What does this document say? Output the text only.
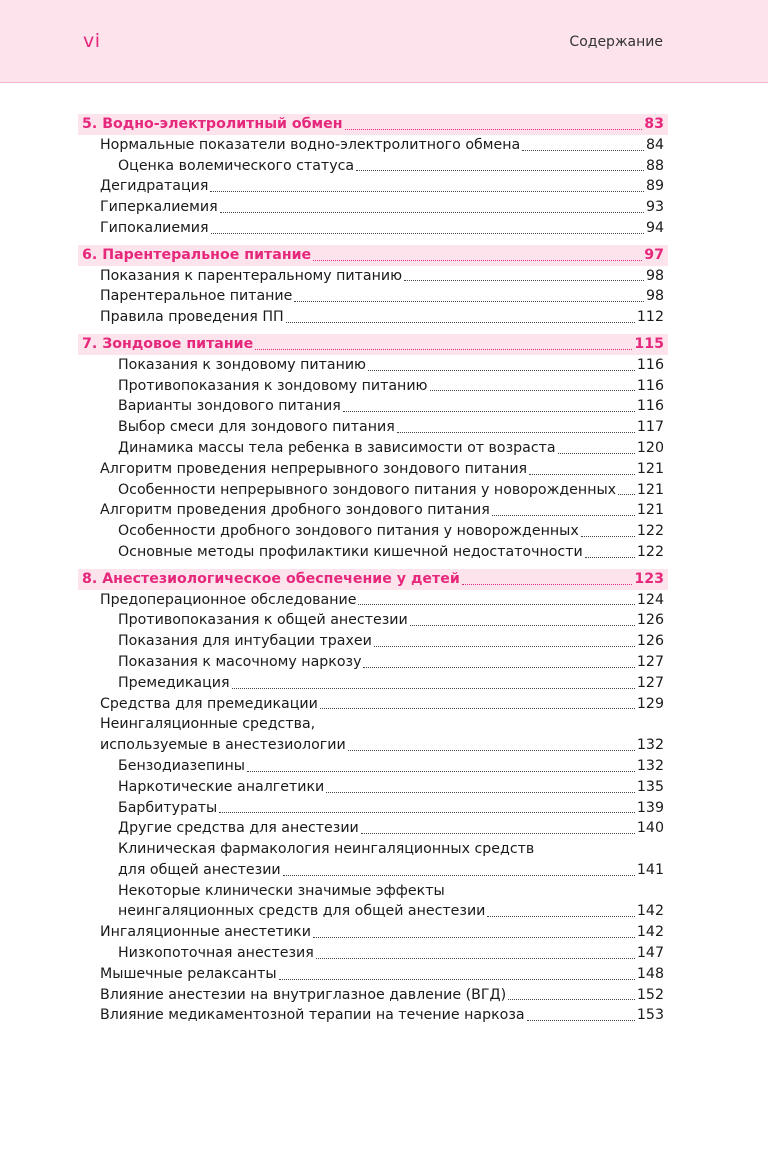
vi	Содержание
5. Водно-электролитный обмен	83
Нормальные показатели водно-электролитного обмена	84
Оценка волемического статуса	88
Дегидратация	89
Гиперкалиемия	93
Гипокалиемия	94
6. Парентеральное питание	97
Показания к парентеральному питанию	98
Парентеральное питание	98
Правила проведения ПП	112
7. Зондовое питание	115
Показания к зондовому питанию	116
Противопоказания к зондовому питанию	116
Варианты зондового питания	116
Выбор смеси для зондового питания	117
Динамика массы тела ребенка в зависимости от возраста	120
Алгоритм проведения непрерывного зондового питания	121
Особенности непрерывного зондового питания у новорожденных 121
Алгоритм проведения дробного зондового питания	121
Особенности дробного зондового питания у новорожденных	122
Основные методы профилактики кишечной недостаточности	122
8. Анестезиологическое обеспечение у детей	123
Предоперационное обследование	124
Противопоказания к общей анестезии	126
Показания для интубации трахеи	126
Показания к масочному наркозу	127
Премедикация	127
Средства для премедикации	129
Неингаляционные средства,
используемые в анестезиологии	132
Бензодиазепины	132
Наркотические аналгетики	135
Барбитураты	139
Другие средства для анестезии	140
Клиническая фармакология неингаляционных средств
для общей анестезии	141
Некоторые клинически значимые эффекты
неингаляционных средств для общей анестезии	142
Ингаляционные анестетики	142
Низкопоточная анестезия	147
Мышечные релаксанты	148
Влияние анестезии на внутриглазное давление (ВГД)	152
Влияние медикаментозной терапии на течение наркоза	153
